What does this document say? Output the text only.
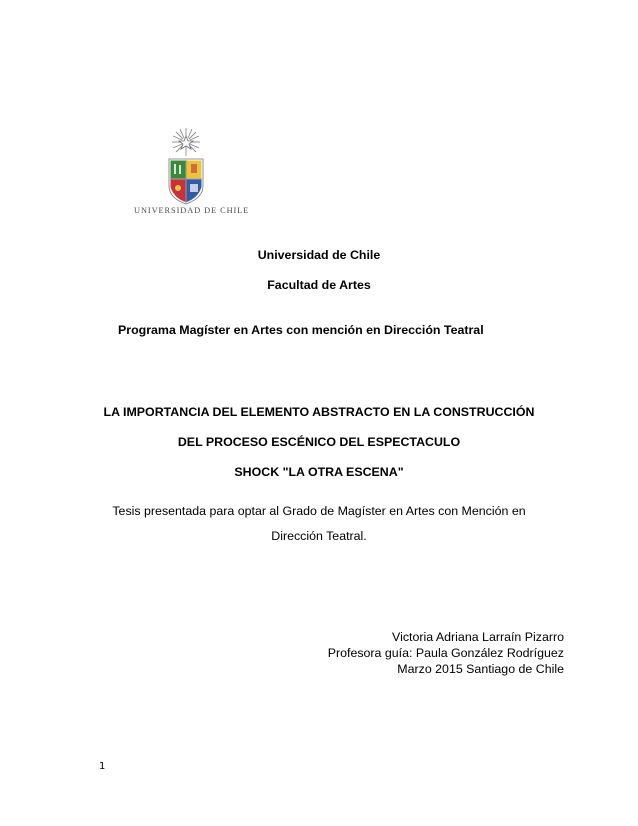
UNIVERSIDAD DE CHILE
Universidad de Chile
Facultad de Artes
Programa Magíster en Artes con mención en Dirección Teatral
LA IMPORTANCIA DEL ELEMENTO ABSTRACTO EN LA CONSTRUCCIÓN
DEL PROCESO ESCÉNICO DEL ESPECTACULO
SHOCK "LA OTRA ESCENA"
Tesis presentada para optar al Grado de Magíster en Artes con Mención en
Dirección Teatral.
Victoria Adriana Larraín Pizarro
Profesora guía: Paula González Rodríguez
Marzo 2015 Santiago de Chile
1
